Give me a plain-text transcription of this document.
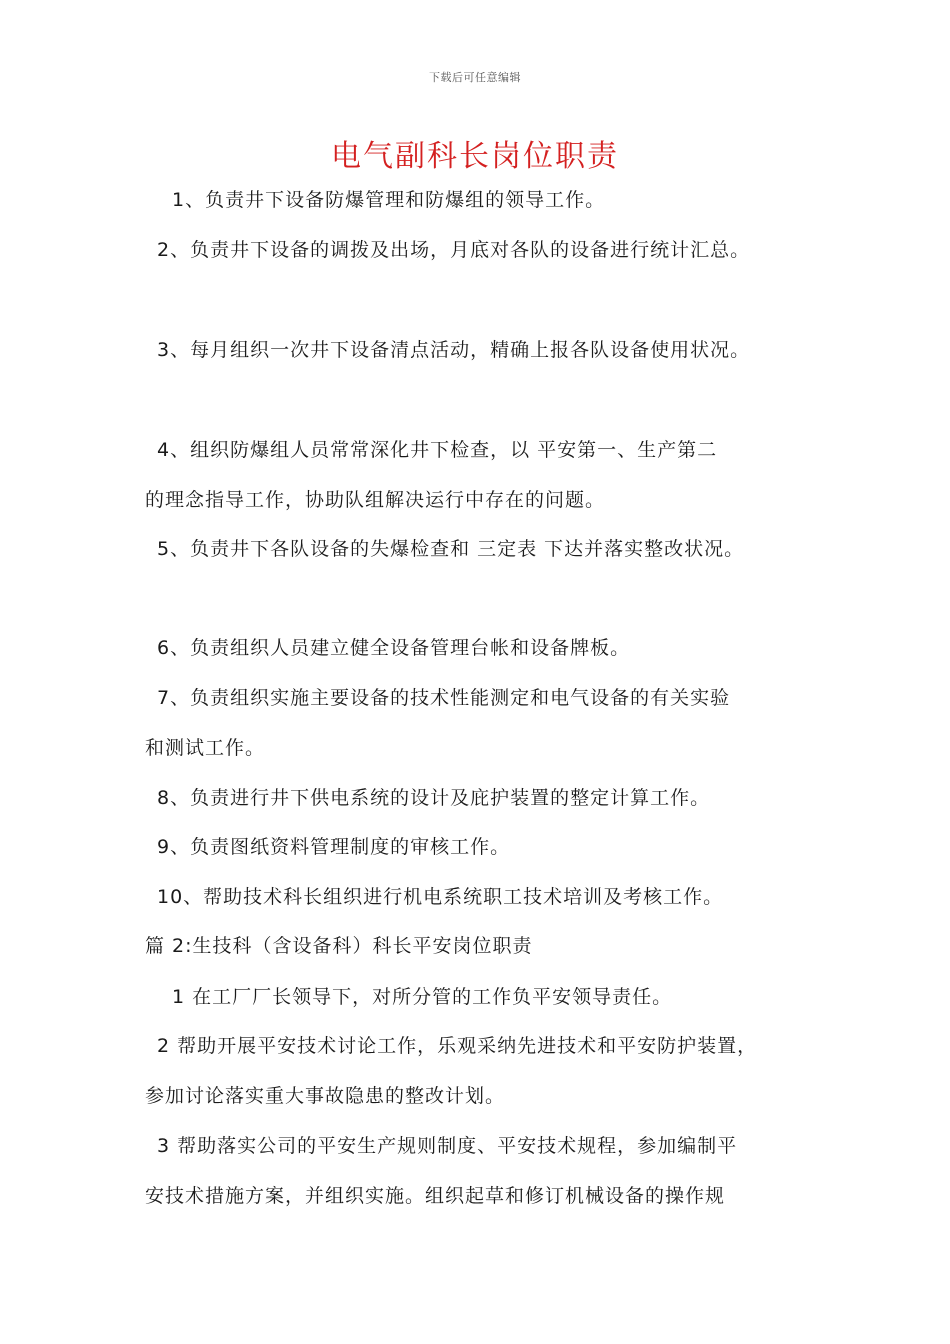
下载后可任意编辑
电气副科长岗位职责
1、负责井下设备防爆管理和防爆组的领导工作。
2、负责井下设备的调拨及出场，月底对各队的设备进行统计汇总。
3、每月组织一次井下设备清点活动，精确上报各队设备使用状况。
4、组织防爆组人员常常深化井下检查，以 平安第一、生产第二
的理念指导工作，协助队组解决运行中存在的问题。
5、负责井下各队设备的失爆检查和 三定表 下达并落实整改状况。
6、负责组织人员建立健全设备管理台帐和设备牌板。
7、负责组织实施主要设备的技术性能测定和电气设备的有关实验
和测试工作。
8、负责进行井下供电系统的设计及庇护装置的整定计算工作。
9、负责图纸资料管理制度的审核工作。
10、帮助技术科长组织进行机电系统职工技术培训及考核工作。
篇 2:生技科（含设备科）科长平安岗位职责
1 在工厂厂长领导下，对所分管的工作负平安领导责任。
2 帮助开展平安技术讨论工作，乐观采纳先进技术和平安防护装置，
参加讨论落实重大事故隐患的整改计划。
3 帮助落实公司的平安生产规则制度、平安技术规程，参加编制平
安技术措施方案，并组织实施。组织起草和修订机械设备的操作规
